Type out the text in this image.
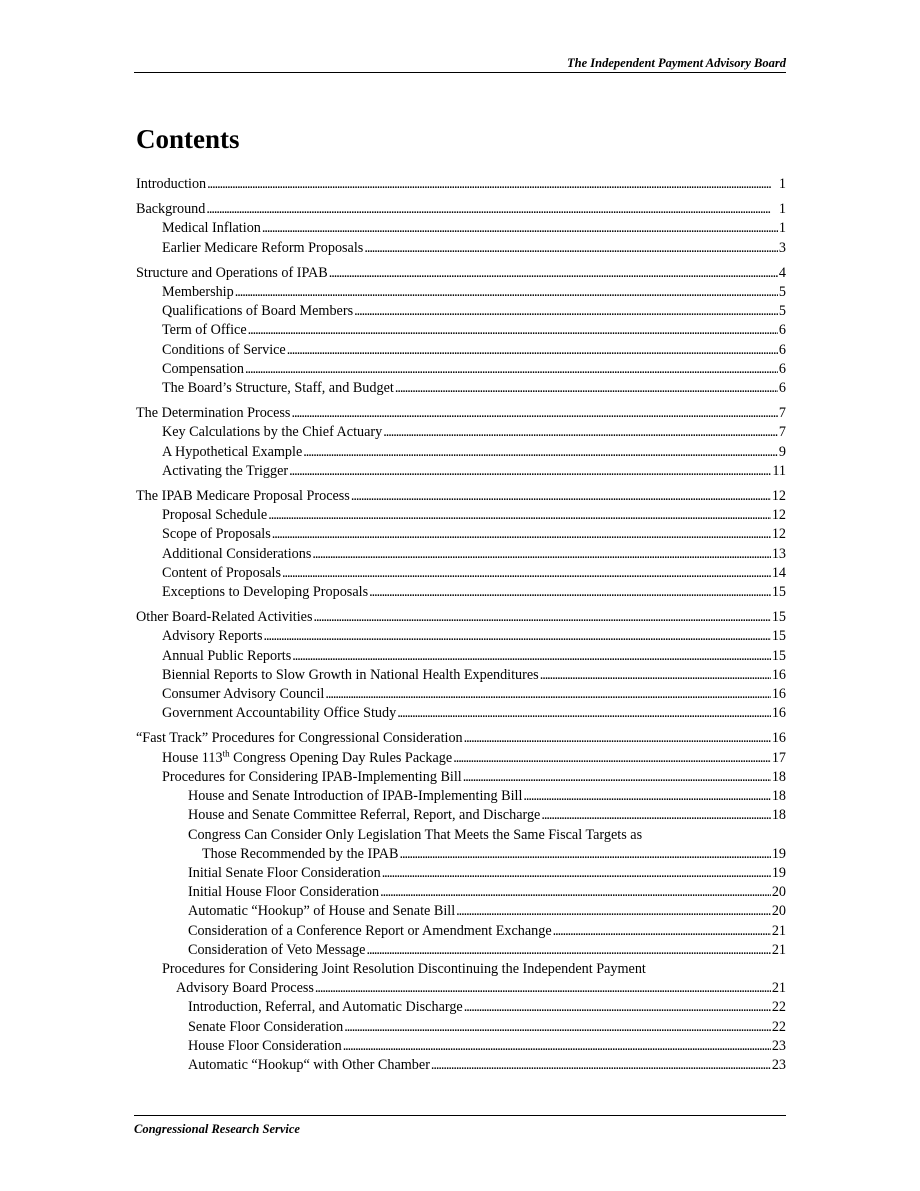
The Independent Payment Advisory Board
Contents
Introduction . . .	1
Background . . .	1
Medical Inflation . . .	1
Earlier Medicare Reform Proposals . . .	3
Structure and Operations of IPAB . . .	4
Membership . . .	5
Qualifications of Board Members . . .	5
Term of Office . . .	6
Conditions of Service . . .	6
Compensation . . .	6
The Board’s Structure, Staff, and Budget . . .	6
The Determination Process . . .	7
Key Calculations by the Chief Actuary . . .	7
A Hypothetical Example . . .	9
Activating the Trigger . . .	11
The IPAB Medicare Proposal Process . . .	12
Proposal Schedule . . .	12
Scope of Proposals . . .	12
Additional Considerations . . .	13
Content of Proposals . . .	14
Exceptions to Developing Proposals . . .	15
Other Board-Related Activities . . .	15
Advisory Reports . . .	15
Annual Public Reports . . .	15
Biennial Reports to Slow Growth in National Health Expenditures . . .	16
Consumer Advisory Council . . .	16
Government Accountability Office Study . . .	16
“Fast Track” Procedures for Congressional Consideration . . .	16
House 113th Congress Opening Day Rules Package . . .	17
Procedures for Considering IPAB-Implementing Bill . . .	18
House and Senate Introduction of IPAB-Implementing Bill . . .	18
House and Senate Committee Referral, Report, and Discharge . . .	18
Congress Can Consider Only Legislation That Meets the Same Fiscal Targets as
Those Recommended by the IPAB . . .	19
Initial Senate Floor Consideration . . .	19
Initial House Floor Consideration . . .	20
Automatic “Hookup” of House and Senate Bill . . .	20
Consideration of a Conference Report or Amendment Exchange . . .	21
Consideration of Veto Message . . .	21
Procedures for Considering Joint Resolution Discontinuing the Independent Payment
Advisory Board Process . . .	21
Introduction, Referral, and Automatic Discharge . . .	22
Senate Floor Consideration . . .	22
House Floor Consideration . . .	23
Automatic “Hookup“ with Other Chamber . . .	23
Congressional Research Service
